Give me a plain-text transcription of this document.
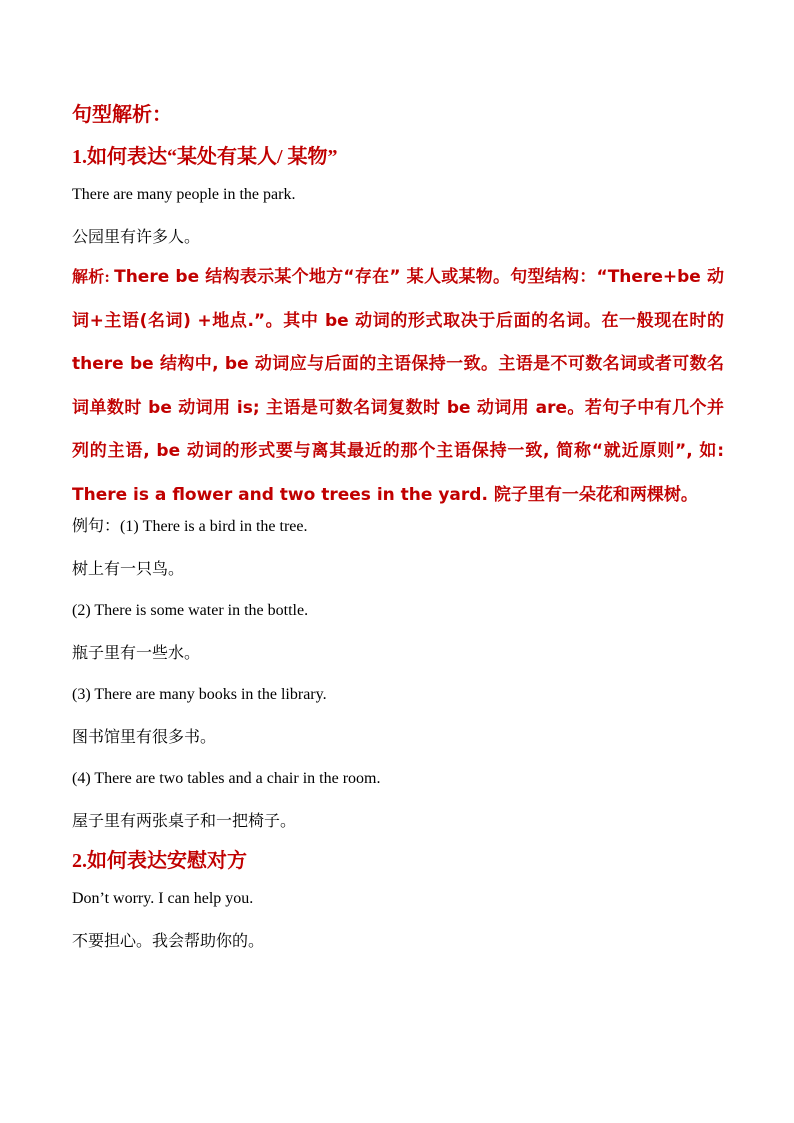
句型解析：
1.如何表达“某处有某人/ 某物”
There are many people in the park.
公园里有许多人。
解析: There be 结构表示某个地方“存在” 某人或某物。句型结构：“There+be 动词+主语(名词) +地点.”。其中 be 动词的形式取决于后面的名词。在一般现在时的 there be 结构中, be 动词应与后面的主语保持一致。主语是不可数名词或者可数名词单数时 be 动词用 is; 主语是可数名词复数时 be 动词用 are。若句子中有几个并列的主语, be 动词的形式要与离其最近的那个主语保持一致, 简称“就近原则”, 如: There is a flower and two trees in the yard. 院子里有一朵花和两棵树。
例句：(1) There is a bird in the tree.
树上有一只鸟。
(2) There is some water in the bottle.
瓶子里有一些水。
(3) There are many books in the library.
图书馆里有很多书。
(4) There are two tables and a chair in the room.
屋子里有两张桌子和一把椅子。
2.如何表达安慰对方
Don’t worry. I can help you.
不要担心。我会帮助你的。
